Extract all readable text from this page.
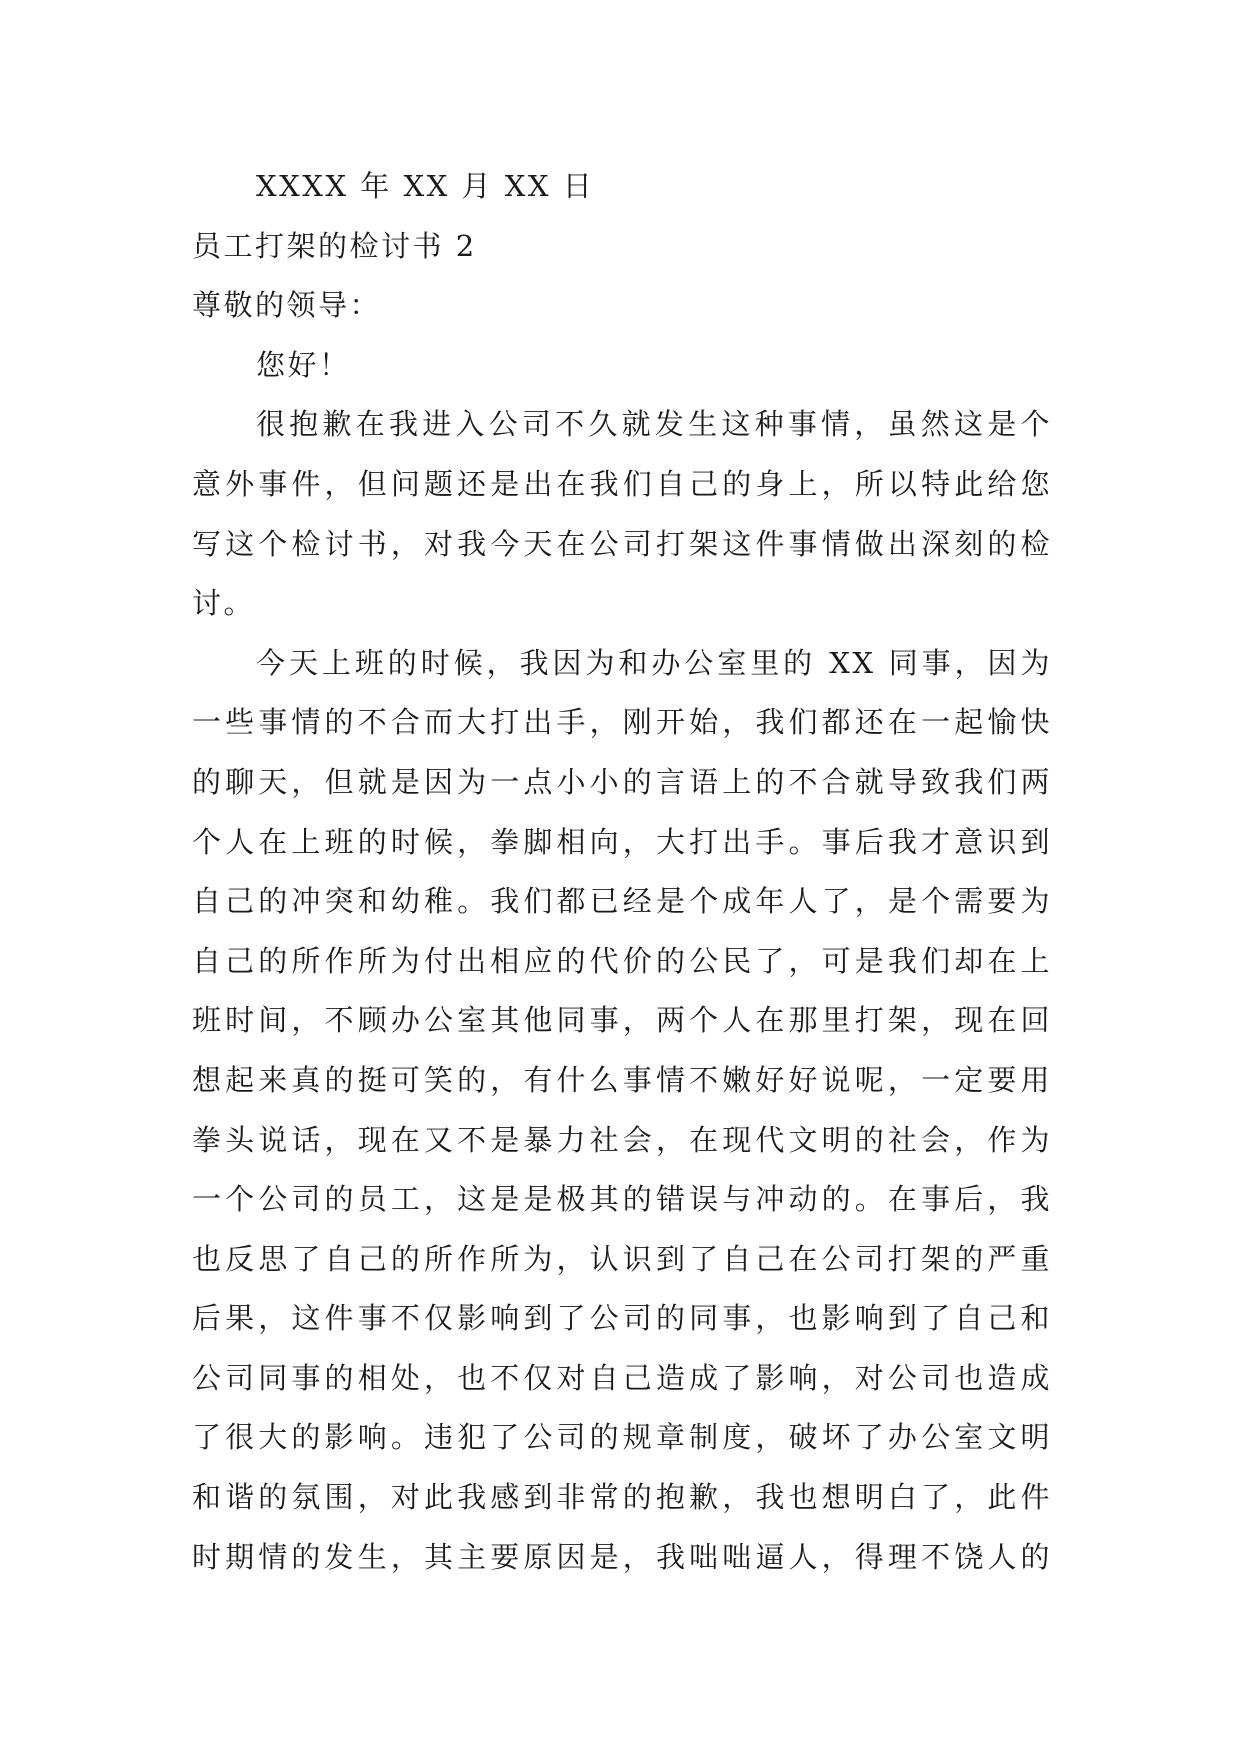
XXXX 年 XX 月 XX 日
员工打架的检讨书 2
尊敬的领导：
您好！
很抱歉在我进入公司不久就发生这种事情，虽然这是个
意外事件，但问题还是出在我们自己的身上，所以特此给您
写这个检讨书，对我今天在公司打架这件事情做出深刻的检
讨。
今天上班的时候，我因为和办公室里的 XX 同事，因为
一些事情的不合而大打出手，刚开始，我们都还在一起愉快
的聊天，但就是因为一点小小的言语上的不合就导致我们两
个人在上班的时候，拳脚相向，大打出手。事后我才意识到
自己的冲突和幼稚。我们都已经是个成年人了，是个需要为
自己的所作所为付出相应的代价的公民了，可是我们却在上
班时间，不顾办公室其他同事，两个人在那里打架，现在回
想起来真的挺可笑的，有什么事情不嫩好好说呢，一定要用
拳头说话，现在又不是暴力社会，在现代文明的社会，作为
一个公司的员工，这是是极其的错误与冲动的。在事后，我
也反思了自己的所作所为，认识到了自己在公司打架的严重
后果，这件事不仅影响到了公司的同事，也影响到了自己和
公司同事的相处，也不仅对自己造成了影响，对公司也造成
了很大的影响。违犯了公司的规章制度，破坏了办公室文明
和谐的氛围，对此我感到非常的抱歉，我也想明白了，此件
时期情的发生，其主要原因是，我咄咄逼人，得理不饶人的
